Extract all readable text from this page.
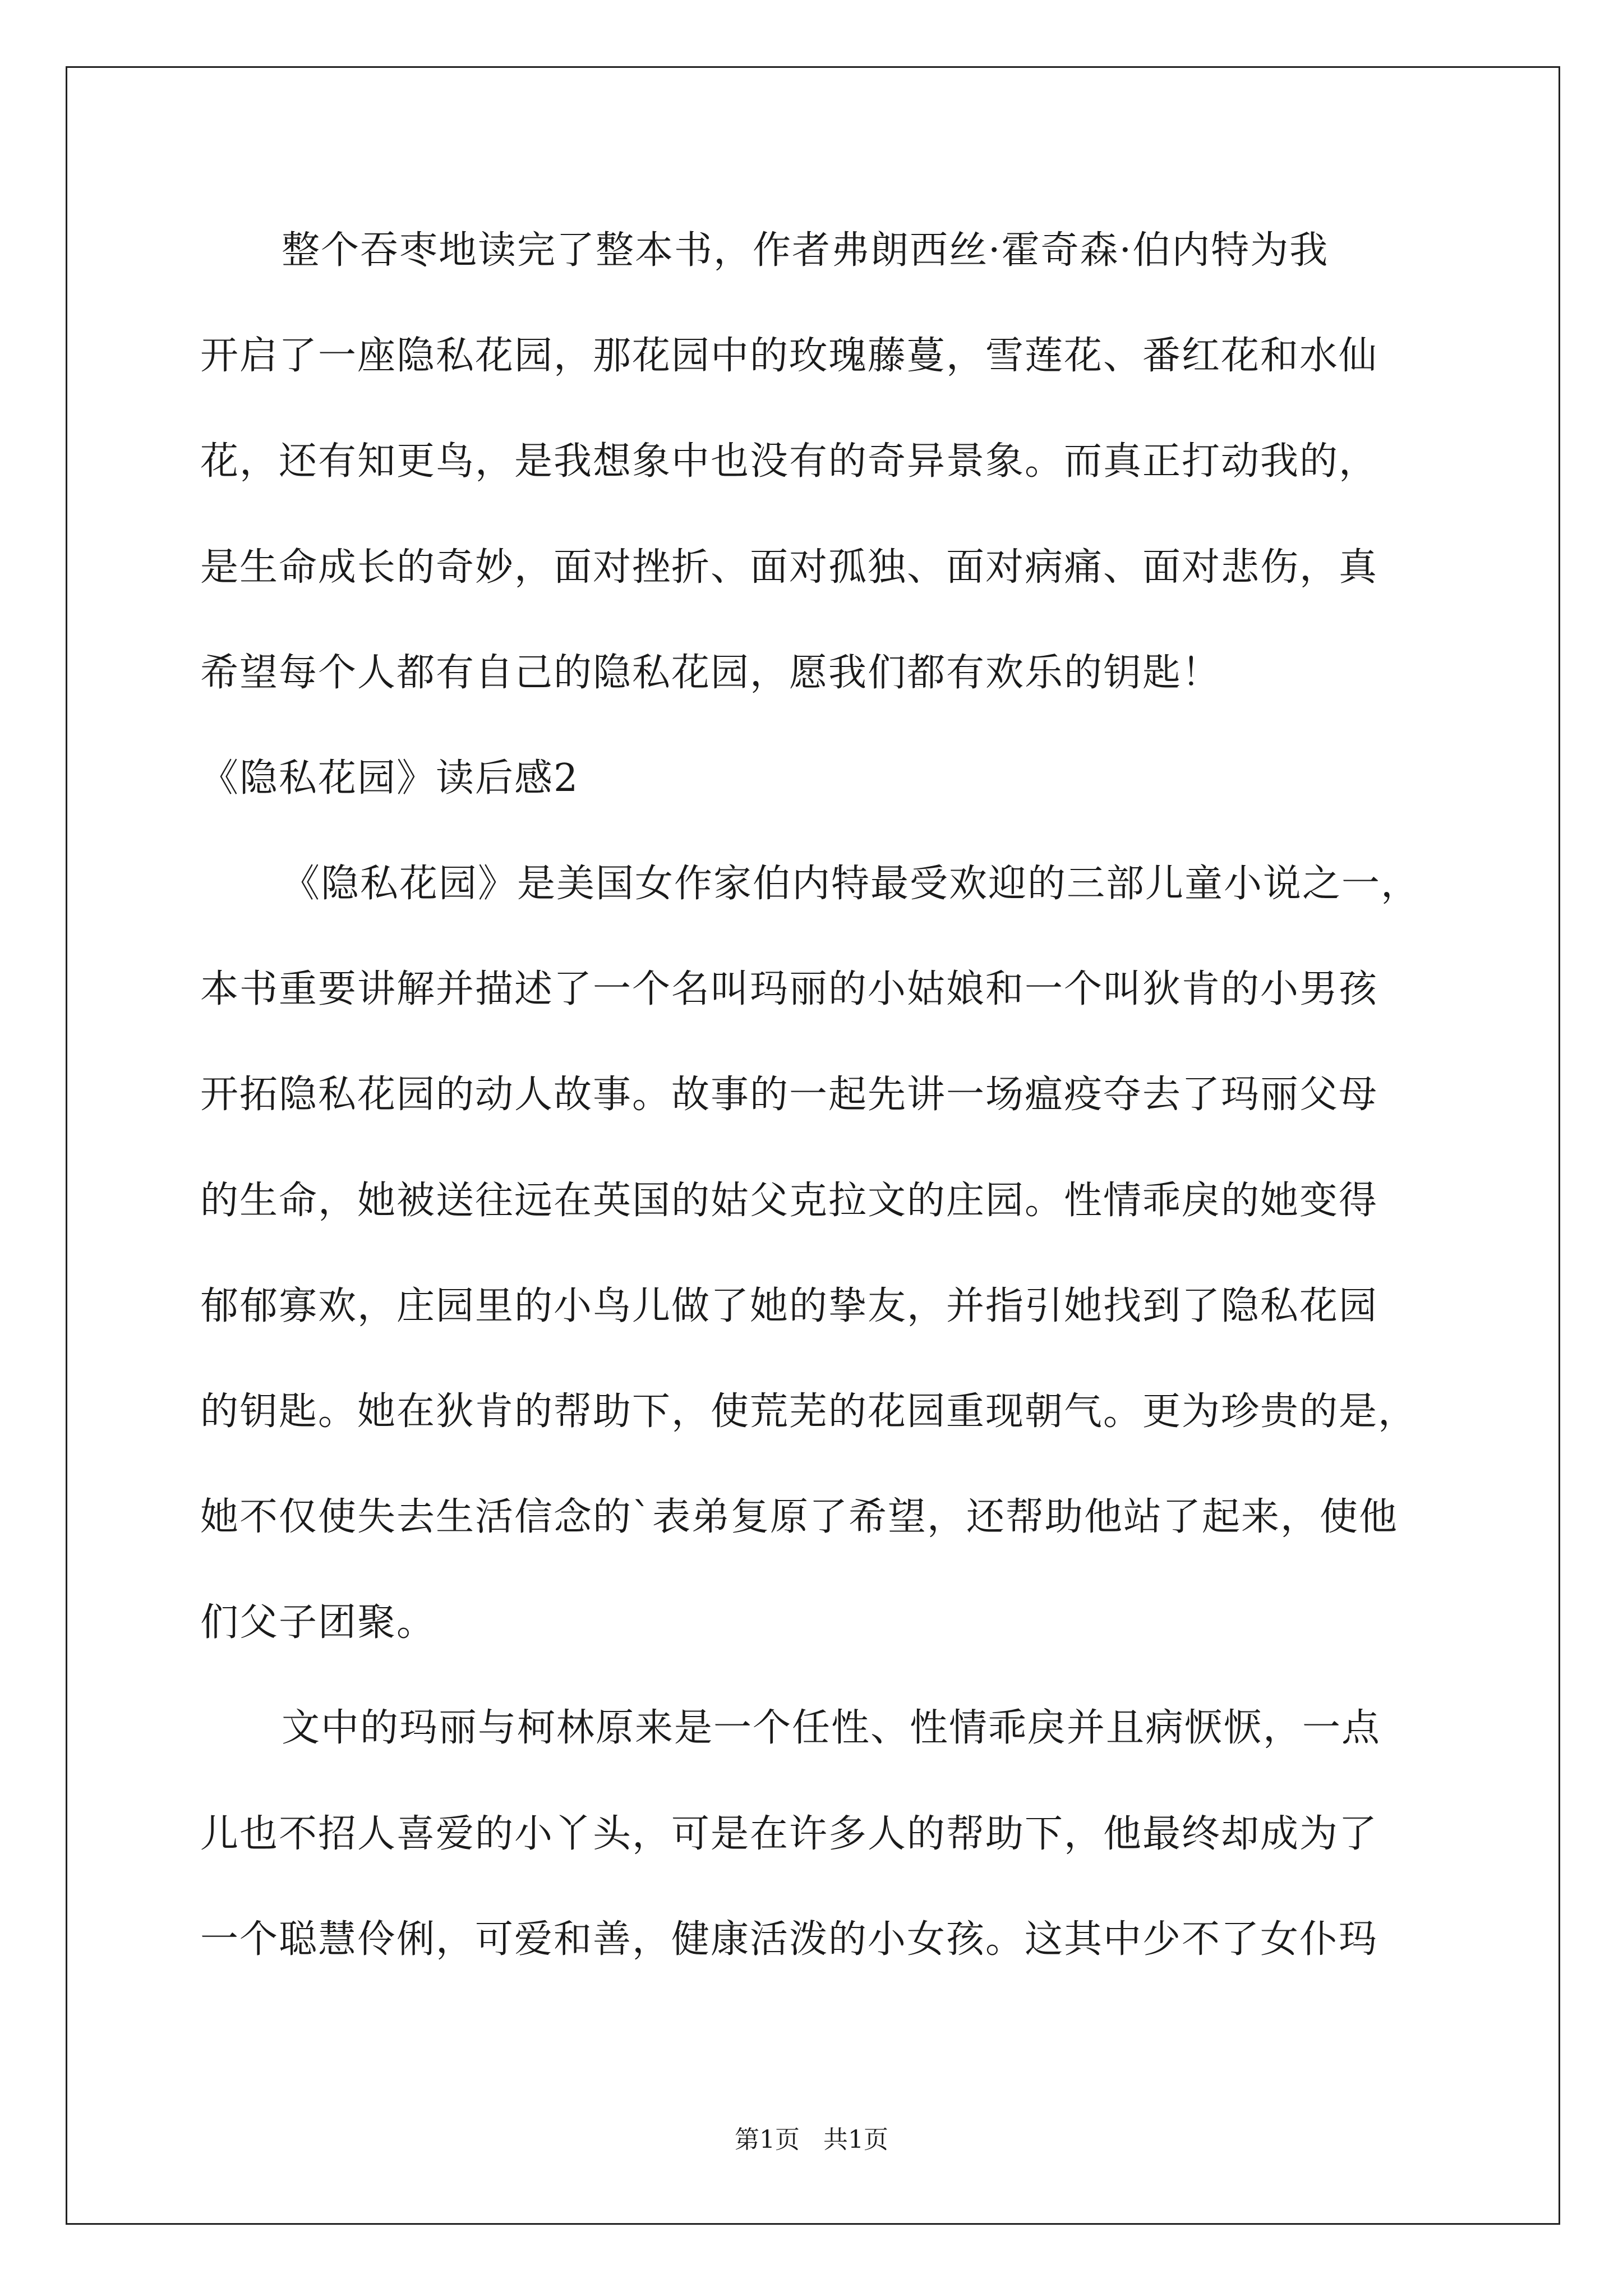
整个吞枣地读完了整本书，作者弗朗西丝·霍奇森·伯内特为我
开启了一座隐私花园，那花园中的玫瑰藤蔓，雪莲花、番红花和水仙
花，还有知更鸟，是我想象中也没有的奇异景象。而真正打动我的，
是生命成长的奇妙，面对挫折、面对孤独、面对病痛、面对悲伤，真
希望每个人都有自己的隐私花园，愿我们都有欢乐的钥匙！
《隐私花园》读后感2
《隐私花园》是美国女作家伯内特最受欢迎的三部儿童小说之一，
本书重要讲解并描述了一个名叫玛丽的小姑娘和一个叫狄肯的小男孩
开拓隐私花园的动人故事。故事的一起先讲一场瘟疫夺去了玛丽父母
的生命，她被送往远在英国的姑父克拉文的庄园。性情乖戾的她变得
郁郁寡欢，庄园里的小鸟儿做了她的挚友，并指引她找到了隐私花园
的钥匙。她在狄肯的帮助下，使荒芜的花园重现朝气。更为珍贵的是，
她不仅使失去生活信念的`表弟复原了希望，还帮助他站了起来，使他
们父子团聚。
文中的玛丽与柯林原来是一个任性、性情乖戾并且病恹恹，一点
儿也不招人喜爱的小丫头，可是在许多人的帮助下，他最终却成为了
一个聪慧伶俐，可爱和善，健康活泼的小女孩。这其中少不了女仆玛
第1页 共1页
